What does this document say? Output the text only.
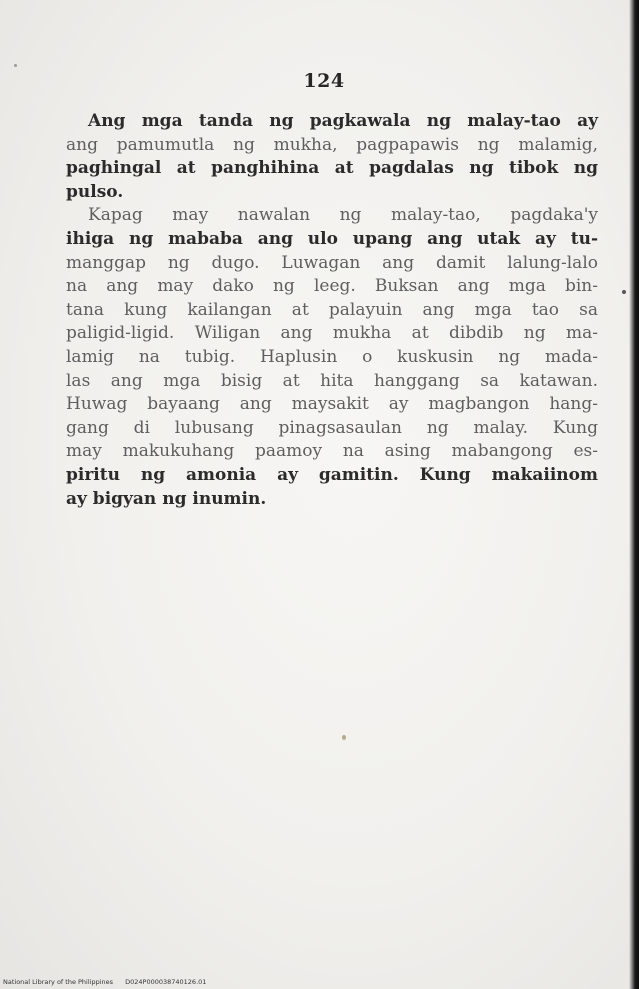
124
Ang mga tanda ng pagkawala ng malay-tao ay
ang pamumutla ng mukha, pagpapawis ng malamig,
paghingal at panghihina at pagdalas ng tibok ng
pulso.
Kapag may nawalan ng malay-tao, pagdaka'y
ihiga ng mababa ang ulo upang ang utak ay tu-
manggap ng dugo. Luwagan ang damit lalung-lalo
na ang may dako ng leeg. Buksan ang mga bin-
tana kung kailangan at palayuin ang mga tao sa
paligid-ligid. Wiligan ang mukha at dibdib ng ma-
lamig na tubig. Haplusin o kuskusin ng mada-
las ang mga bisig at hita hanggang sa katawan.
Huwag bayaang ang maysakit ay magbangon hang-
gang di lubusang pinagsasaulan ng malay. Kung
may makukuhang paamoy na asing mabangong es-
piritu ng amonia ay gamitin. Kung makaiinom
ay bigyan ng inumin.
National Library of the Philippines D024P000038740126.01
